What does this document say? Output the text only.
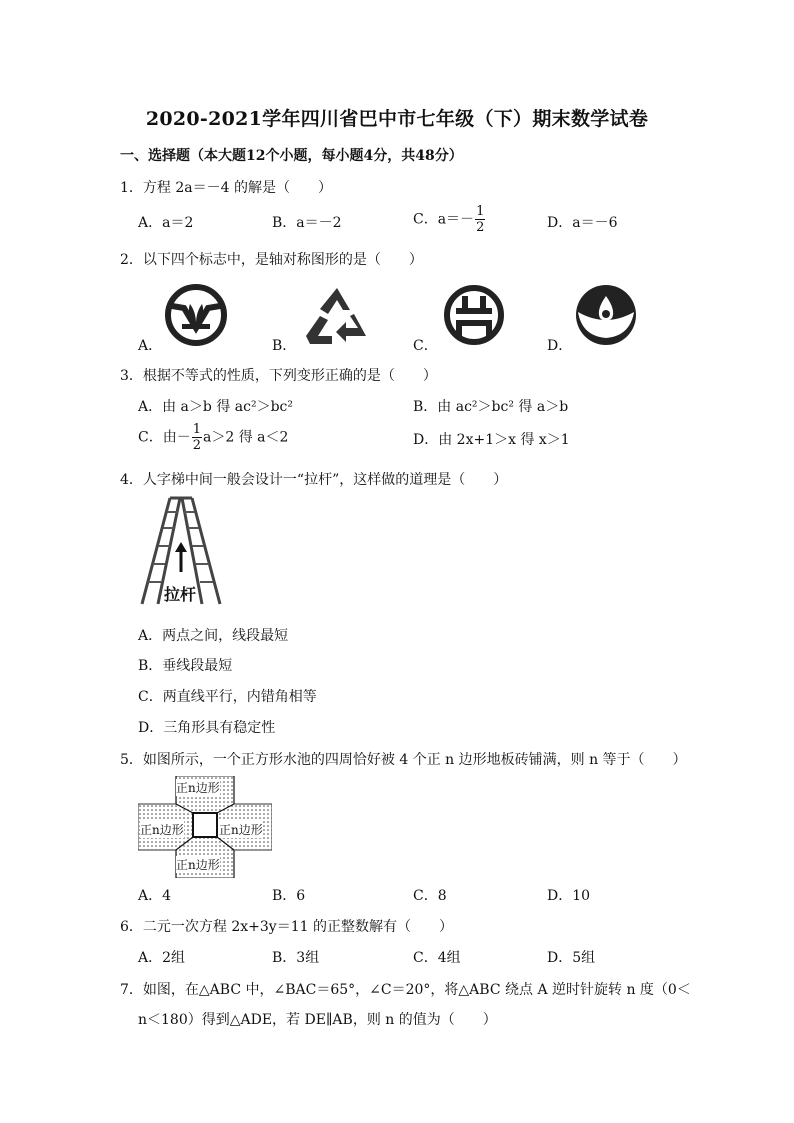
2020-2021学年四川省巴中市七年级（下）期末数学试卷
一、选择题（本大题12个小题，每小题4分，共48分）
1．方程 2a＝－4 的解是（　　）
A．a＝2	B．a＝－2	C．$a=- \frac{1}{2}$	D．a＝－6
2．以下四个标志中，是轴对称图形的是（　　）
A．	B．	C．	D．
3．根据不等式的性质，下列变形正确的是（　　）
A．由 a＞b 得 ac²＞bc²	B．由 ac²＞bc² 得 a＞b
C．由－ $\frac{1}{2} a>2$ 得 a＜2	D．由 2x+1＞x 得 x＞1
4．人字梯中间一般会设计一“拉杆”，这样做的道理是（　　）
拉杆
A．两点之间，线段最短
B．垂线段最短
C．两直线平行，内错角相等
D．三角形具有稳定性
5．如图所示，一个正方形水池的四周恰好被 4 个正 n 边形地板砖铺满，则 n 等于（　　）
正n边形
正n边形	正n边形
正n边形
A．4	B．6	C．8	D．10
6．二元一次方程 2x+3y＝11 的正整数解有（　　）
A．2组	B．3组	C．4组	D．5组
7．如图，在△ABC 中，∠BAC＝65°，∠C＝20°，将△ABC 绕点 A 逆时针旋转 n 度（0＜
n＜180）得到△ADE，若 DE∥AB，则 n 的值为（　　）
